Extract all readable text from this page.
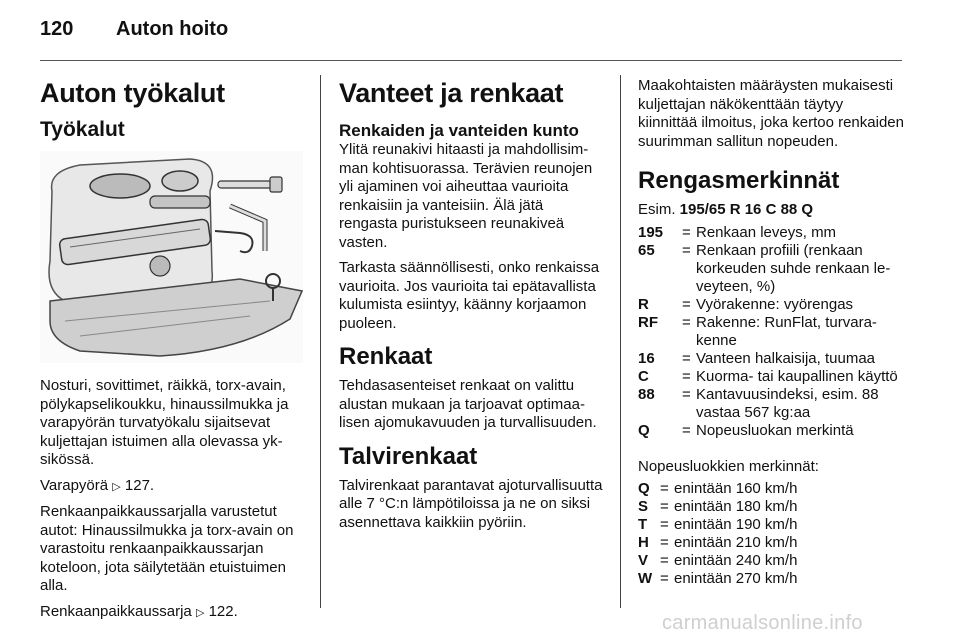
120 Auton hoito
Auton työkalut
Työkalut

Nosturi, sovittimet, räikkä, torx-avain, pölykapselikoukku, hinaussilmukka ja varapyörän turvatyökalu sijaitsevat kuljettajan istuimen alla olevassa yksikössä.

Varapyörä ▷ 127.

Renkaanpaikkaussarjalla varustetut autot: Hinaussilmukka ja torx-avain on varastoitu renkaanpaikkaussarjan koteloon, jota säilytetään etuistuimen alla.

Renkaanpaikkaussarja ▷ 122.

Vanteet ja renkaat
Renkaiden ja vanteiden kunto

Ylitä reunakivi hitaasti ja mahdollisimman kohtisuorassa. Terävien reunojen yli ajaminen voi aiheuttaa vaurioita renkaisiin ja vanteisiin. Älä jätä rengasta puristukseen reunakiveä vasten.

Tarkasta säännöllisesti, onko renkaissa vaurioita. Jos vaurioita tai epätavallista kulumista esiintyy, käänny korjaamon puoleen.

Renkaat

Tehdasasenteiset renkaat on valittu alustan mukaan ja tarjoavat optimaalisen ajomukavuuden ja turvallisuuden.

Talvirenkaat

Talvirenkaat parantavat ajoturvallisuutta alle 7 °C:n lämpötiloissa ja ne on siksi asennettava kaikkiin pyöriin.

Maakohtaisten määräysten mukaisesti kuljettajan näkökenttään täytyy kiinnittää ilmoitus, joka kertoo renkaiden suurimman sallitun nopeuden.

Rengasmerkinnät

Esim. 195/65 R 16 C 88 Q

195	=	Renkaan leveys, mm
65	=	Renkaan profiili (renkaan korkeuden suhde renkaan leveyteen, %)
R	=	Vyörakenne: vyörengas
RF	=	Rakenne: RunFlat, turvarakenne
16	=	Vanteen halkaisija, tuumaa
C	=	Kuorma- tai kaupallinen käyttö
88	=	Kantavuusindeksi, esim. 88 vastaa 567 kg:aa
Q	=	Nopeusluokan merkintä

Nopeusluokkien merkinnät:

Q	=	enintään 160 km/h
S	=	enintään 180 km/h
T	=	enintään 190 km/h
H	=	enintään 210 km/h
V	=	enintään 240 km/h
W	=	enintään 270 km/h
carmanualsonline.info
